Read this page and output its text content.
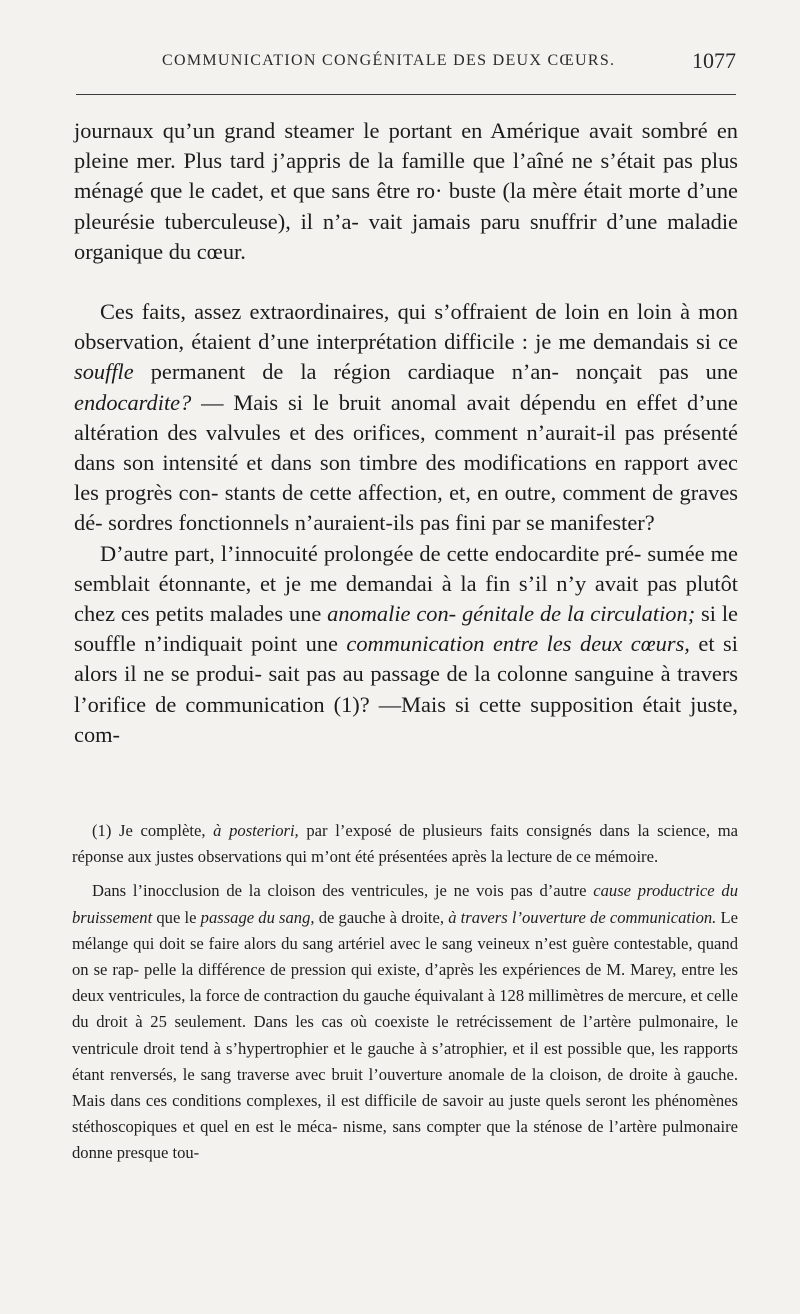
COMMUNICATION CONGÉNITALE DES DEUX CŒURS.	1077

journaux qu’un grand steamer le portant en Amérique avait sombré en pleine mer. Plus tard j’appris de la famille que l’aîné ne s’était pas plus ménagé que le cadet, et que sans être ro· buste (la mère était morte d’une pleurésie tuberculeuse), il n’a- vait jamais paru snuffrir d’une maladie organique du cœur.

Ces faits, assez extraordinaires, qui s’offraient de loin en loin à mon observation, étaient d’une interprétation difficile : je me demandais si ce souffle permanent de la région cardiaque n’an- nonçait pas une endocardite? — Mais si le bruit anomal avait dépendu en effet d’une altération des valvules et des orifices, comment n’aurait-il pas présenté dans son intensité et dans son timbre des modifications en rapport avec les progrès con- stants de cette affection, et, en outre, comment de graves dé- sordres fonctionnels n’auraient-ils pas fini par se manifester?

D’autre part, l’innocuité prolongée de cette endocardite pré- sumée me semblait étonnante, et je me demandai à la fin s’il n’y avait pas plutôt chez ces petits malades une anomalie con- génitale de la circulation; si le souffle n’indiquait point une communication entre les deux cœurs, et si alors il ne se produi- sait pas au passage de la colonne sanguine à travers l’orifice de communication (1)? —Mais si cette supposition était juste, com-

(1) Je complète, à posteriori, par l’exposé de plusieurs faits consignés dans la science, ma réponse aux justes observations qui m’ont été présentées après la lecture de ce mémoire.

Dans l’inocclusion de la cloison des ventricules, je ne vois pas d’autre cause productrice du bruissement que le passage du sang, de gauche à droite, à travers l’ouverture de communication. Le mélange qui doit se faire alors du sang artériel avec le sang veineux n’est guère contestable, quand on se rap- pelle la différence de pression qui existe, d’après les expériences de M. Marey, entre les deux ventricules, la force de contraction du gauche équivalant à 128 millimètres de mercure, et celle du droit à 25 seulement. Dans les cas où coexiste le retrécissement de l’artère pulmonaire, le ventricule droit tend à s’hypertrophier et le gauche à s’atrophier, et il est possible que, les rapports étant renversés, le sang traverse avec bruit l’ouverture anomale de la cloison, de droite à gauche. Mais dans ces conditions complexes, il est difficile de savoir au juste quels seront les phénomènes stéthoscopiques et quel en est le méca- nisme, sans compter que la sténose de l’artère pulmonaire donne presque tou-
